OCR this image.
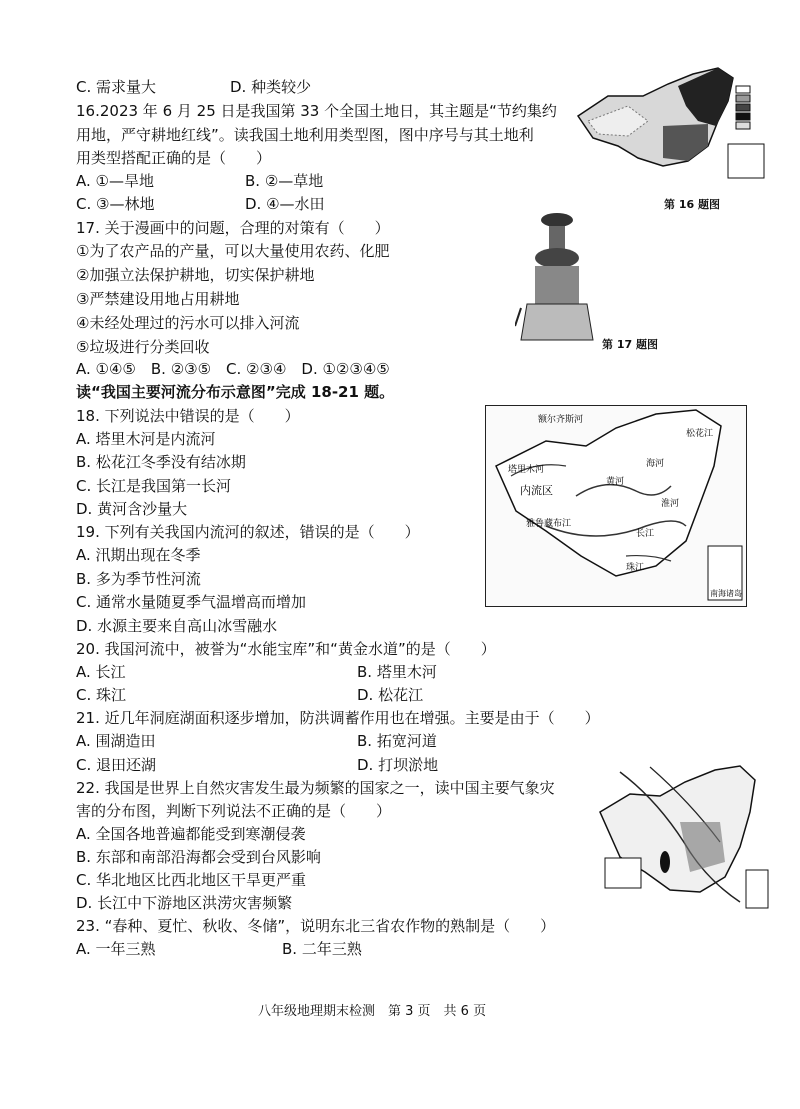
C. 需求量大	D. 种类较少
16.2023 年 6 月 25 日是我国第 33 个全国土地日，其主题是“节约集约
用地，严守耕地红线”。读我国土地利用类型图，图中序号与其土地利
用类型搭配正确的是（　　）
A. ①—旱地	B. ②—草地
C. ③—林地	D. ④—水田
17. 关于漫画中的问题，合理的对策有（　　）
①为了农产品的产量，可以大量使用农药、化肥
②加强立法保护耕地，切实保护耕地
③严禁建设用地占用耕地
④未经处理过的污水可以排入河流
⑤垃圾进行分类回收
A. ①④⑤　B. ②③⑤　C. ②③④　D. ①②③④⑤
读“我国主要河流分布示意图”完成 18-21 题。
18. 下列说法中错误的是（　　）
A. 塔里木河是内流河
B. 松花江冬季没有结冰期
C. 长江是我国第一长河
D. 黄河含沙量大
19. 下列有关我国内流河的叙述，错误的是（　　）
A. 汛期出现在冬季
B. 多为季节性河流
C. 通常水量随夏季气温增高而增加
D. 水源主要来自高山冰雪融水
20. 我国河流中，被誉为“水能宝库”和“黄金水道”的是（　　）
A. 长江	B. 塔里木河
C. 珠江	D. 松花江
21. 近几年洞庭湖面积逐步增加，防洪调蓄作用也在增强。主要是由于（　　）
A. 围湖造田	B. 拓宽河道
C. 退田还湖	D. 打坝淤地
22. 我国是世界上自然灾害发生最为频繁的国家之一，读中国主要气象灾
害的分布图，判断下列说法不正确的是（　　）
A. 全国各地普遍都能受到寒潮侵袭
B. 东部和南部沿海都会受到台风影响
C. 华北地区比西北地区干旱更严重
D. 长江中下游地区洪涝灾害频繁
23. “春种、夏忙、秋收、冬储”，说明东北三省农作物的熟制是（　　）
A. 一年三熟	B. 二年三熟
第 16 题图
第 17 题图
额尔齐斯河
塔里木河
内流区
雅鲁藏布江
黄河
长江
松花江
海河
淮河
珠江
南海诸岛
八年级地理期末检测　第 3 页　共 6 页
